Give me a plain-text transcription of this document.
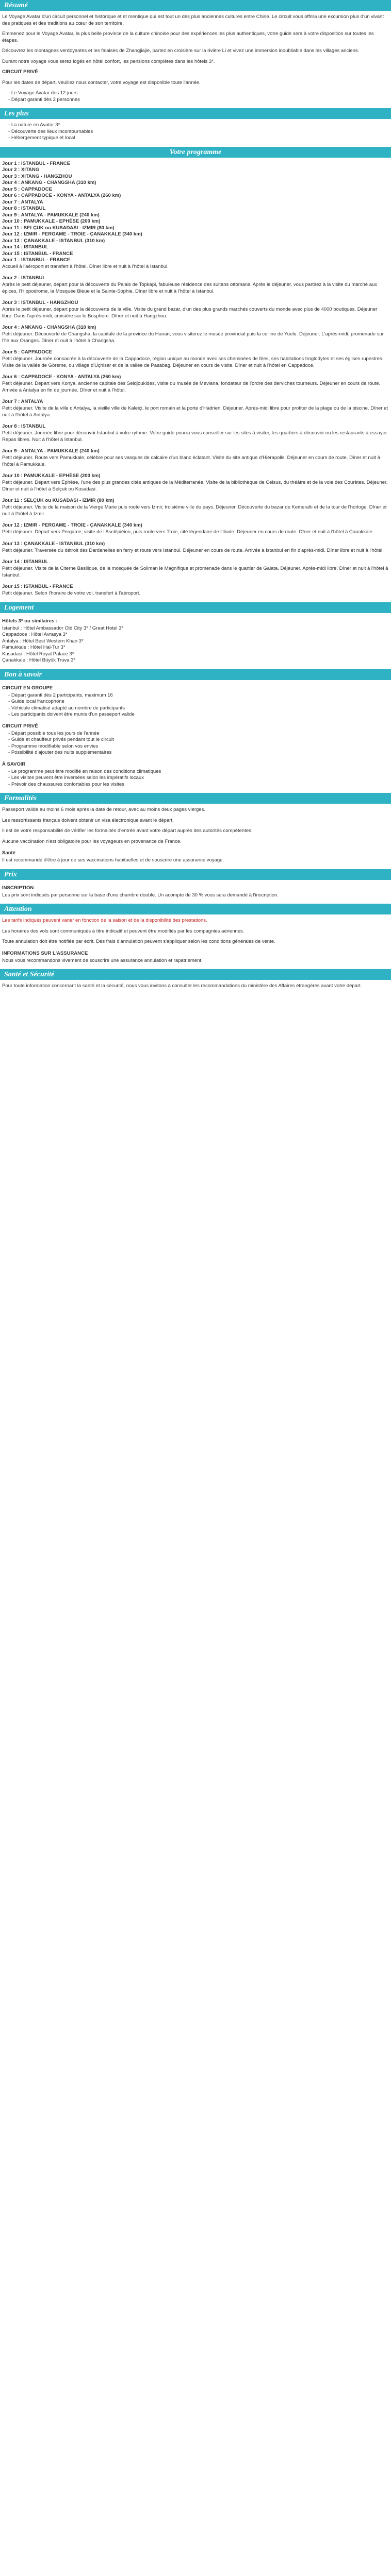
Résumé

Le Voyage Avatar d'un circuit personnel et historique et et mentique qui est tout un des plus anciennes cultures entre Chine. Le circuit vous offrira une excursion plus d'un vivant des pratiques et des traditions au cœur de son territoire.

Emmenez pour le Voyage Avatar, la plus belle province de la culture chinoise pour des expériences les plus authentiques, votre guide sera à votre disposition sur toutes les étapes.

Découvrez les montagnes verdoyantes et les falaises de Zhangjiajie, partez en croisière sur la rivière Li et vivez une immersion inoubliable dans les villages anciens.

Durant notre voyage vous serez logés en hôtel confort, les pensions complètes dans les hôtels 3*.

CIRCUIT PRIVÉ

Pour les dates de départ, veuillez nous contacter, votre voyage est disponible toute l'année.

- Le Voyage Avatar des 12 jours
- Départ garanti dès 2 personnes
Les plus
- La nature en Avatar 3*
- Découverte des lieux incontournables
- Hébergement typique et local
Votre programme
Jour 1 : ISTANBUL - FRANCE
Jour 2 : XITANG
Jour 3 : XITANG - HANGZHOU
Jour 4 : ANKANG - CHANGSHA (310 km)
Jour 5 : CAPPADOCE
Jour 6 : CAPPADOCE - KONYA - ANTALYA (260 km)
Jour 7 : ANTALYA
Jour 8 : ISTANBUL
Jour 9 : ANTALYA - PAMUKKALE (240 km)
Jour 10 : PAMUKKALE - EPHÈSE (200 km)
Jour 11 : SELÇUK ou KUSADASI - IZMIR (80 km)
Jour 12 : IZMIR - PERGAME - TROIE - ÇANAKKALE (340 km)
Jour 13 : ÇANAKKALE - ISTANBUL (310 km)
Jour 14 : ISTANBUL
Jour 15 : ISTANBUL - FRANCE
Jour 1 : ISTANBUL - FRANCE

Accueil à l'aéroport et transfert à l'hôtel. Dîner libre et nuit à l'hôtel à Istanbul.

Jour 2 : ISTANBUL

Après le petit déjeuner, départ pour la découverte du Palais de Topkapi, fabuleuse résidence des sultans ottomans. Après le déjeuner, vous partirez à la visite du marché aux épices, l'Hippodrome, la Mosquée Bleue et la Sainte-Sophie. Dîner libre et nuit à l'hôtel à Istanbul.

Jour 3 : ISTANBUL - HANGZHOU

Après le petit déjeuner, départ pour la découverte de la ville. Visite du grand bazar, d'un des plus grands marchés couverts du monde avec plus de 4000 boutiques. Déjeuner libre. Dans l'après-midi, croisière sur le Bosphore. Dîner et nuit à Hangzhou.

Jour 4 : ANKANG - CHANGSHA (310 km)

Petit déjeuner. Découverte de Changsha, la capitale de la province du Hunan, vous visiterez le musée provincial puis la colline de Yuelu. Déjeuner. L'après-midi, promenade sur l'île aux Oranges. Dîner et nuit à l'hôtel à Changsha.

Jour 5 : CAPPADOCE

Petit déjeuner. Journée consacrée à la découverte de la Cappadoce, région unique au monde avec ses cheminées de fées, ses habitations troglodytes et ses églises rupestres. Visite de la vallée de Göreme, du village d'Uçhisar et de la vallée de Pasabag. Déjeuner en cours de visite. Dîner et nuit à l'hôtel en Cappadoce.

Jour 6 : CAPPADOCE - KONYA - ANTALYA (260 km)

Petit déjeuner. Départ vers Konya, ancienne capitale des Seldjoukides, visite du musée de Mevlana, fondateur de l'ordre des derviches tourneurs. Déjeuner en cours de route. Arrivée à Antalya en fin de journée. Dîner et nuit à l'hôtel.

Jour 7 : ANTALYA

Petit déjeuner. Visite de la ville d'Antalya, la vieille ville de Kaleiçi, le port romain et la porte d'Hadrien. Déjeuner. Après-midi libre pour profiter de la plage ou de la piscine. Dîner et nuit à l'hôtel à Antalya.

Jour 8 : ISTANBUL

Petit déjeuner. Journée libre pour découvrir Istanbul à votre rythme. Votre guide pourra vous conseiller sur les sites à visiter, les quartiers à découvrir ou les restaurants à essayer. Repas libres. Nuit à l'hôtel à Istanbul.

Jour 9 : ANTALYA - PAMUKKALE (240 km)

Petit déjeuner. Route vers Pamukkale, célèbre pour ses vasques de calcaire d'un blanc éclatant. Visite du site antique d'Hiérapolis. Déjeuner en cours de route. Dîner et nuit à l'hôtel à Pamukkale.

Jour 10 : PAMUKKALE - EPHÈSE (200 km)

Petit déjeuner. Départ vers Éphèse, l'une des plus grandes cités antiques de la Méditerranée. Visite de la bibliothèque de Celsus, du théâtre et de la voie des Courètes. Déjeuner. Dîner et nuit à l'hôtel à Selçuk ou Kusadasi.

Jour 11 : SELÇUK ou KUSADASI - IZMIR (80 km)

Petit déjeuner. Visite de la maison de la Vierge Marie puis route vers Izmir, troisième ville du pays. Déjeuner. Découverte du bazar de Kemeraltı et de la tour de l'horloge. Dîner et nuit à l'hôtel à Izmir.

Jour 12 : IZMIR - PERGAME - TROIE - ÇANAKKALE (340 km)

Petit déjeuner. Départ vers Pergame, visite de l'Asclépiéion, puis route vers Troie, cité légendaire de l'Iliade. Déjeuner en cours de route. Dîner et nuit à l'hôtel à Çanakkale.

Jour 13 : ÇANAKKALE - ISTANBUL (310 km)

Petit déjeuner. Traversée du détroit des Dardanelles en ferry et route vers Istanbul. Déjeuner en cours de route. Arrivée à Istanbul en fin d'après-midi. Dîner libre et nuit à l'hôtel.

Jour 14 : ISTANBUL

Petit déjeuner. Visite de la Citerne Basilique, de la mosquée de Soliman le Magnifique et promenade dans le quartier de Galata. Déjeuner. Après-midi libre. Dîner et nuit à l'hôtel à Istanbul.

Jour 15 : ISTANBUL - FRANCE

Petit déjeuner. Selon l'horaire de votre vol, transfert à l'aéroport.

Logement
Hôtels 3* ou similaires :
Istanbul : Hôtel Ambassador Old City 3* / Great Hotel 3*
Cappadoce : Hôtel Avrasya 3*
Antalya : Hôtel Best Western Khan 3*
Pamukkale : Hôtel Hal-Tur 3*
Kusadasi : Hôtel Royal Palace 3*
Çanakkale : Hôtel Büyük Truva 3*
Bon à savoir
CIRCUIT EN GROUPE
- Départ garanti dès 2 participants, maximum 16
- Guide local francophone
- Véhicule climatisé adapté au nombre de participants
- Les participants doivent être munis d'un passeport valide
CIRCUIT PRIVÉ
- Départ possible tous les jours de l'année
- Guide et chauffeur privés pendant tout le circuit
- Programme modifiable selon vos envies
- Possibilité d'ajouter des nuits supplémentaires
À SAVOIR
- Le programme peut être modifié en raison des conditions climatiques
- Les visites peuvent être inversées selon les impératifs locaux
- Prévoir des chaussures confortables pour les visites
Formalités

Passeport valide au moins 6 mois après la date de retour, avec au moins deux pages vierges.

Les ressortissants français doivent obtenir un visa électronique avant le départ.

Il est de votre responsabilité de vérifier les formalités d'entrée avant votre départ auprès des autorités compétentes.

Aucune vaccination n'est obligatoire pour les voyageurs en provenance de France.

Santé

Il est recommandé d'être à jour de ses vaccinations habituelles et de souscrire une assurance voyage.

Prix
INSCRIPTION

Les prix sont indiqués par personne sur la base d'une chambre double. Un acompte de 30 % vous sera demandé à l'inscription.

Attention

Les tarifs indiqués peuvent varier en fonction de la saison et de la disponibilité des prestations.

Les horaires des vols sont communiqués à titre indicatif et peuvent être modifiés par les compagnies aériennes.

Toute annulation doit être notifiée par écrit. Des frais d'annulation peuvent s'appliquer selon les conditions générales de vente.

INFORMATIONS SUR L'ASSURANCE

Nous vous recommandons vivement de souscrire une assurance annulation et rapatriement.

Santé et Sécurité

Pour toute information concernant la santé et la sécurité, nous vous invitons à consulter les recommandations du ministère des Affaires étrangères avant votre départ.
